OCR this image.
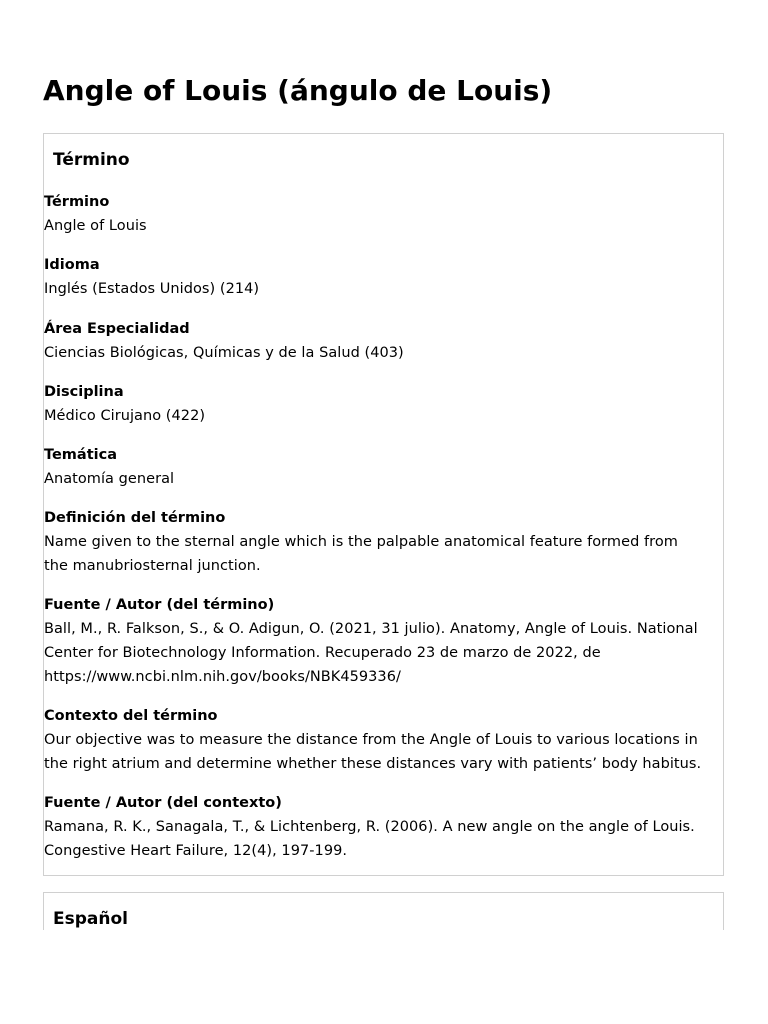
Angle of Louis (ángulo de Louis)
Término
Término
Angle of Louis
Idioma
Inglés (Estados Unidos) (214)
Área Especialidad
Ciencias Biológicas, Químicas y de la Salud (403)
Disciplina
Médico Cirujano (422)
Temática
Anatomía general
Definición del término
Name given to the sternal angle which is the palpable anatomical feature formed from
the manubriosternal junction.
Fuente / Autor (del término)
Ball, M., R. Falkson, S., & O. Adigun, O. (2021, 31 julio). Anatomy, Angle of Louis. National
Center for Biotechnology Information. Recuperado 23 de marzo de 2022, de
https://www.ncbi.nlm.nih.gov/books/NBK459336/
Contexto del término
Our objective was to measure the distance from the Angle of Louis to various locations in
the right atrium and determine whether these distances vary with patients’ body habitus.
Fuente / Autor (del contexto)
Ramana, R. K., Sanagala, T., & Lichtenberg, R. (2006). A new angle on the angle of Louis.
Congestive Heart Failure, 12(4), 197-199.
Español
